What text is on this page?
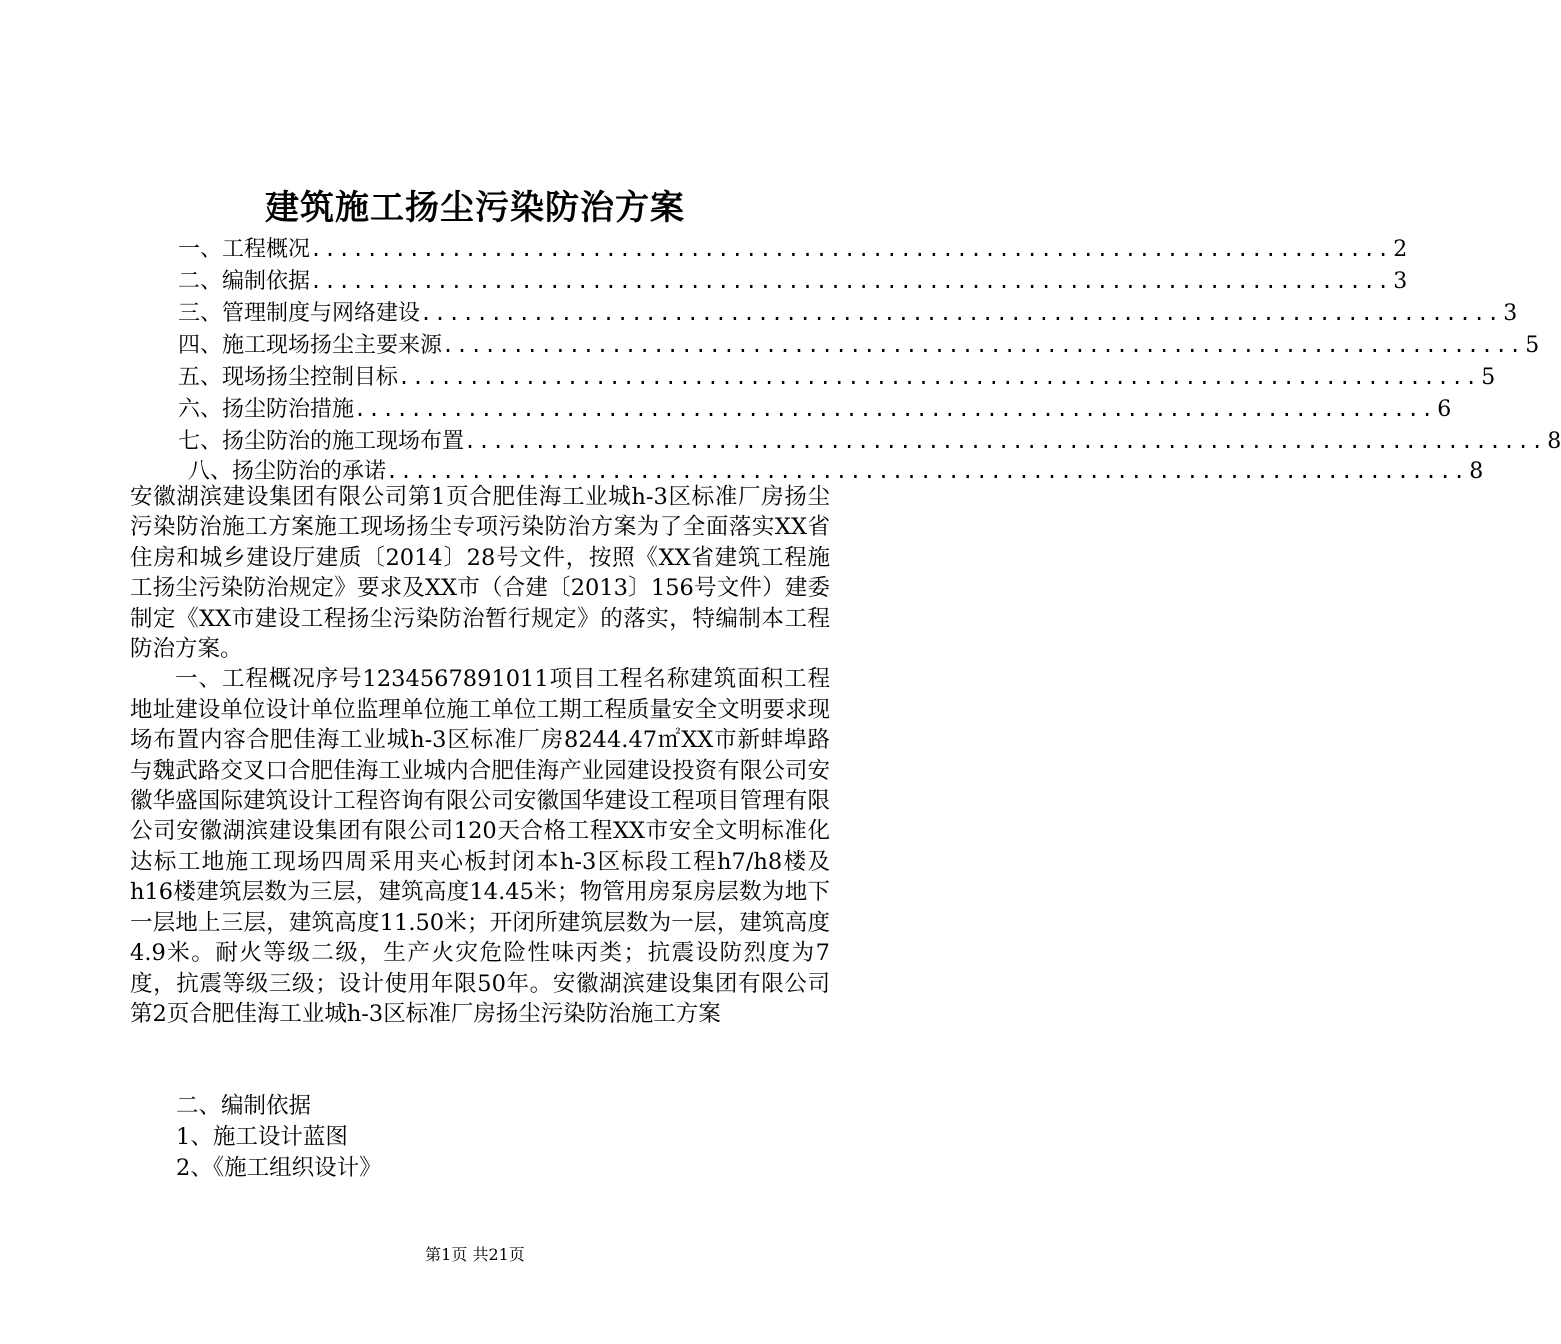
建筑施工扬尘污染防治方案
一、工程概况 ............................................................................. 2
二、编制依据 ............................................................................. 3
三、管理制度与网络建设 ............................................................................. 3
四、施工现场扬尘主要来源 ............................................................................. 5
五、现场扬尘控制目标 ............................................................................. 5
六、扬尘防治措施 ............................................................................. 6
七、扬尘防治的施工现场布置 ............................................................................. 8
八、扬尘防治的承诺 ............................................................................. 8

安徽湖滨建设集团有限公司第1页合肥佳海工业城h-3区标准厂房扬尘污染防治施工方案施工现场扬尘专项污染防治方案为了全面落实XX省住房和城乡建设厅建质〔2014〕28号文件，按照《XX省建筑工程施工扬尘污染防治规定》要求及XX市（合建〔2013〕156号文件）建委制定《XX市建设工程扬尘污染防治暂行规定》的落实，特编制本工程防治方案。

一、工程概况序号1234567891011项目工程名称建筑面积工程地址建设单位设计单位监理单位施工单位工期工程质量安全文明要求现场布置内容合肥佳海工业城h-3区标准厂房8244.47㎡XX市新蚌埠路与魏武路交叉口合肥佳海工业城内合肥佳海产业园建设投资有限公司安徽华盛国际建筑设计工程咨询有限公司安徽国华建设工程项目管理有限公司安徽湖滨建设集团有限公司120天合格工程XX市安全文明标准化达标工地施工现场四周采用夹心板封闭本h-3区标段工程h7/h8楼及h16楼建筑层数为三层，建筑高度14.45米；物管用房泵房层数为地下一层地上三层，建筑高度11.50米；开闭所建筑层数为一层，建筑高度4.9米。耐火等级二级，生产火灾危险性味丙类；抗震设防烈度为7度，抗震等级三级；设计使用年限50年。安徽湖滨建设集团有限公司第2页合肥佳海工业城h-3区标准厂房扬尘污染防治施工方案

二、编制依据
1、施工设计蓝图
2、《施工组织设计》
第1页 共21页
